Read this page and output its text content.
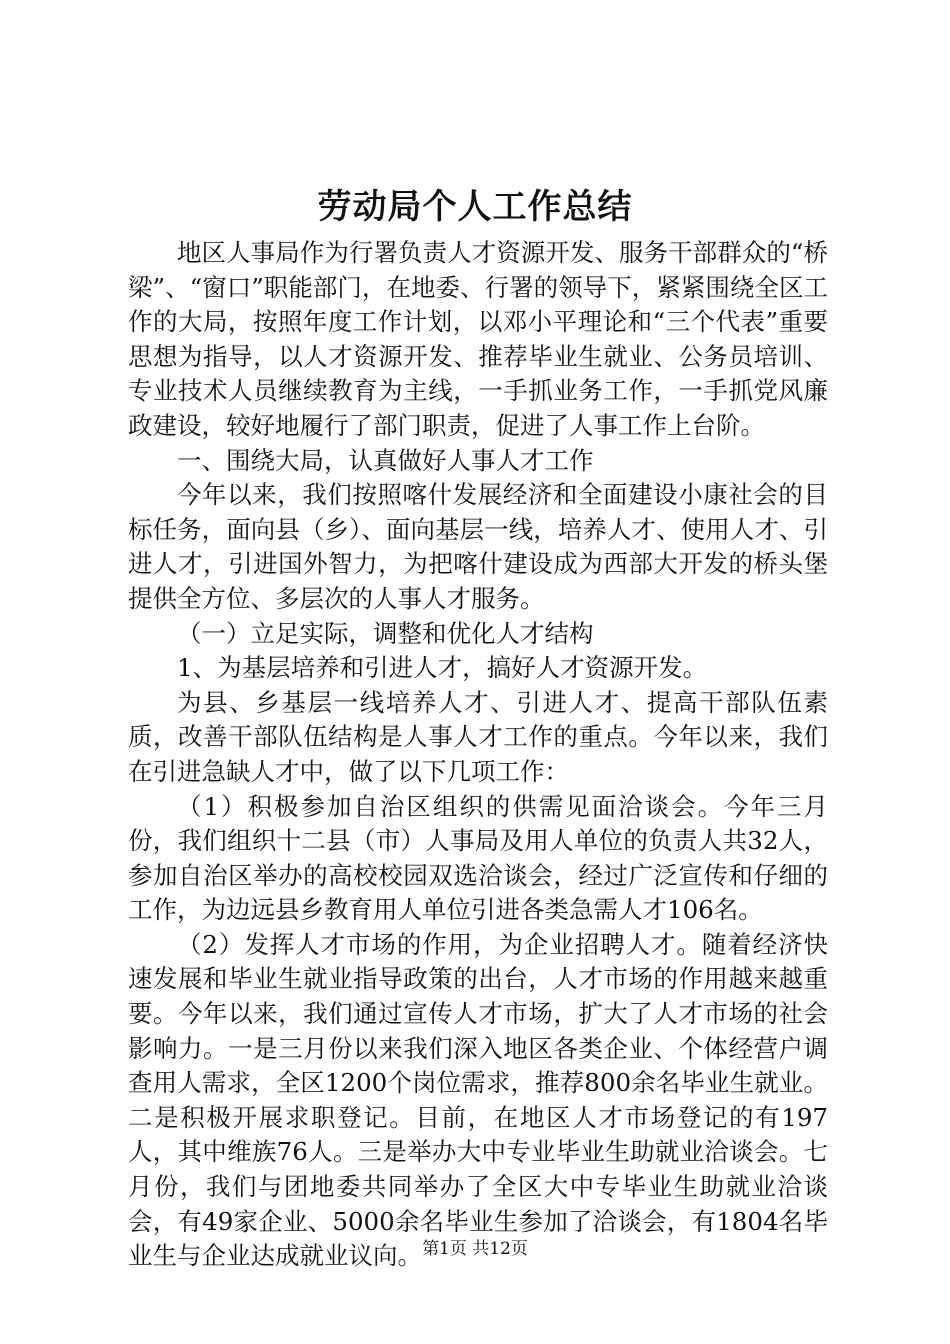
劳动局个人工作总结

地区人事局作为行署负责人才资源开发、服务干部群众的“桥梁”、“窗口”职能部门，在地委、行署的领导下，紧紧围绕全区工作的大局，按照年度工作计划，以邓小平理论和“三个代表”重要思想为指导，以人才资源开发、推荐毕业生就业、公务员培训、专业技术人员继续教育为主线，一手抓业务工作，一手抓党风廉政建设，较好地履行了部门职责，促进了人事工作上台阶。

一、围绕大局，认真做好人事人才工作

今年以来，我们按照喀什发展经济和全面建设小康社会的目标任务，面向县（乡）、面向基层一线，培养人才、使用人才、引进人才，引进国外智力，为把喀什建设成为西部大开发的桥头堡提供全方位、多层次的人事人才服务。

（一）立足实际，调整和优化人才结构

1、为基层培养和引进人才，搞好人才资源开发。

为县、乡基层一线培养人才、引进人才、提高干部队伍素质，改善干部队伍结构是人事人才工作的重点。今年以来，我们在引进急缺人才中，做了以下几项工作：

（1）积极参加自治区组织的供需见面洽谈会。今年三月份，我们组织十二县（市）人事局及用人单位的负责人共32人，参加自治区举办的高校校园双选洽谈会，经过广泛宣传和仔细的工作，为边远县乡教育用人单位引进各类急需人才106名。

（2）发挥人才市场的作用，为企业招聘人才。随着经济快速发展和毕业生就业指导政策的出台，人才市场的作用越来越重要。今年以来，我们通过宣传人才市场，扩大了人才市场的社会影响力。一是三月份以来我们深入地区各类企业、个体经营户调查用人需求，全区1200个岗位需求，推荐800余名毕业生就业。二是积极开展求职登记。目前，在地区人才市场登记的有197人，其中维族76人。三是举办大中专业毕业生助就业洽谈会。七月份，我们与团地委共同举办了全区大中专毕业生助就业洽谈会，有49家企业、5000余名毕业生参加了洽谈会，有1804名毕业生与企业达成就业议向。 第1页 共12页
